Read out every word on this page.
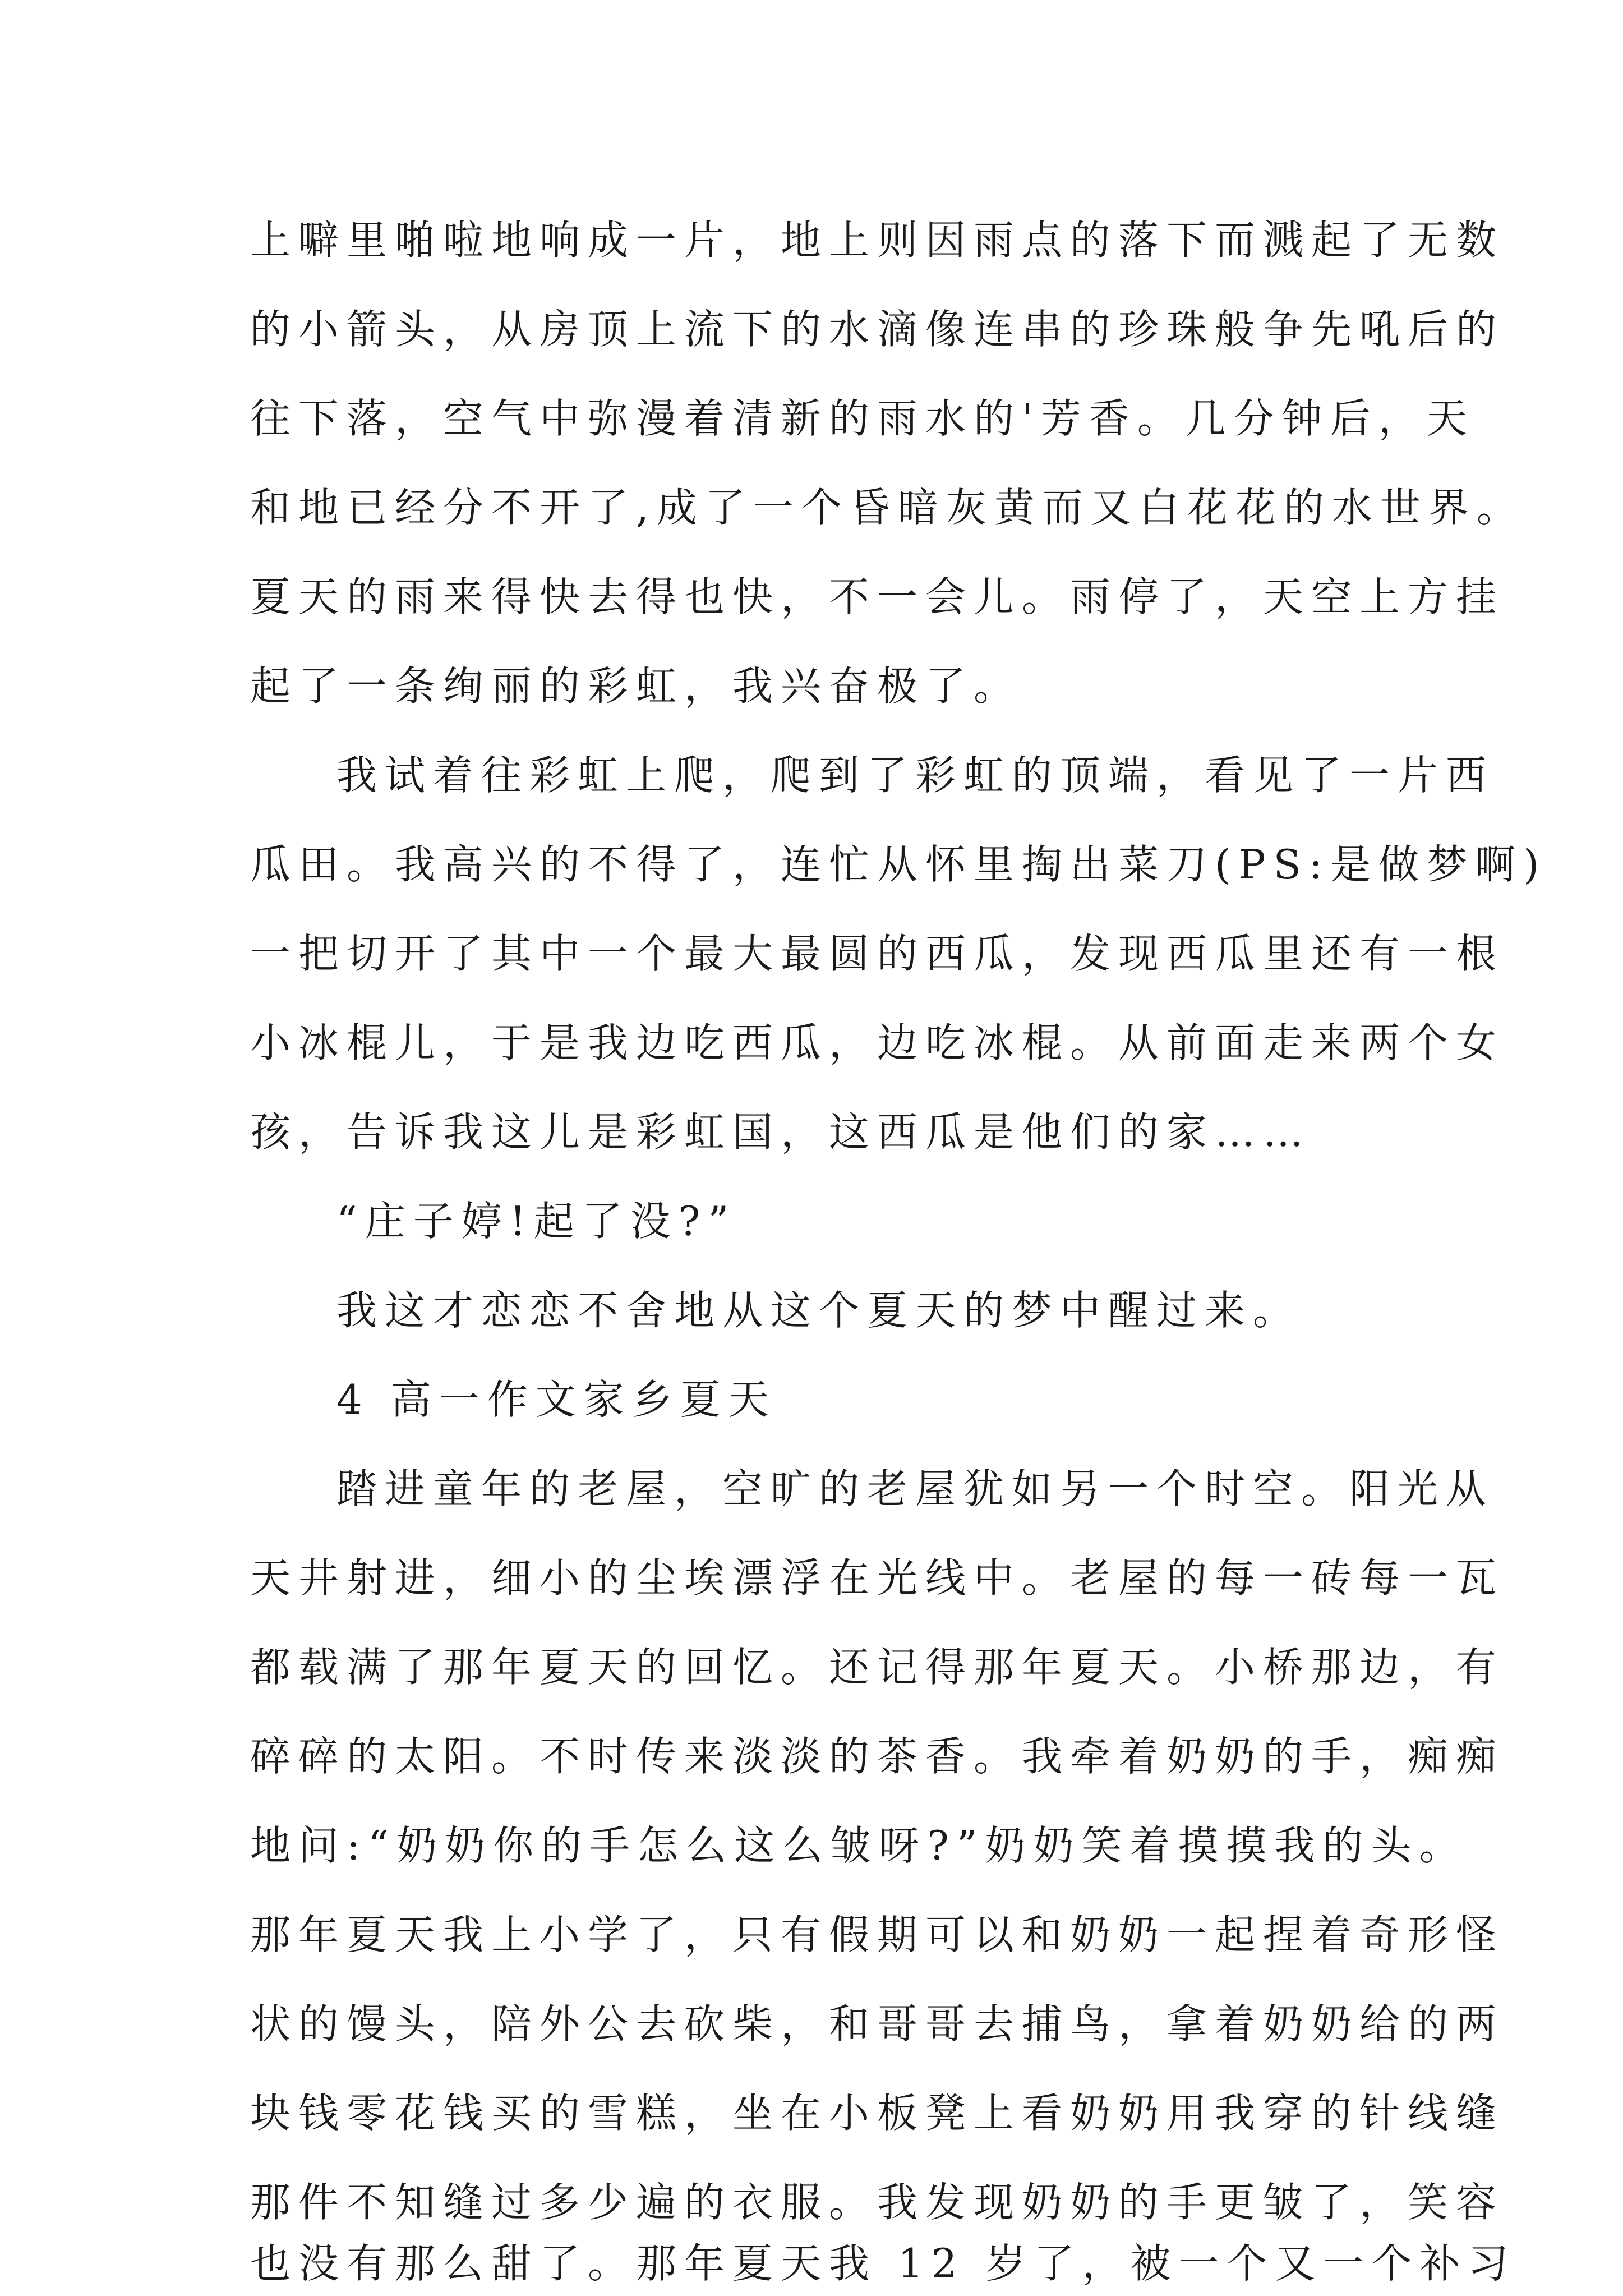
上噼里啪啦地响成一片，地上则因雨点的落下而溅起了无数

的小箭头，从房顶上流下的水滴像连串的珍珠般争先吼后的

往下落，空气中弥漫着清新的雨水的'芳香。几分钟后，天

和地已经分不开了,成了一个昏暗灰黄而又白花花的水世界。

夏天的雨来得快去得也快，不一会儿。雨停了，天空上方挂

起了一条绚丽的彩虹，我兴奋极了。

我试着往彩虹上爬，爬到了彩虹的顶端，看见了一片西

瓜田。我高兴的不得了，连忙从怀里掏出菜刀(PS:是做梦啊)

一把切开了其中一个最大最圆的西瓜，发现西瓜里还有一根

小冰棍儿，于是我边吃西瓜，边吃冰棍。从前面走来两个女

孩，告诉我这儿是彩虹国，这西瓜是他们的家……

“庄子婷!起了没?”

我这才恋恋不舍地从这个夏天的梦中醒过来。

4 高一作文家乡夏天

踏进童年的老屋，空旷的老屋犹如另一个时空。阳光从

天井射进，细小的尘埃漂浮在光线中。老屋的每一砖每一瓦

都载满了那年夏天的回忆。还记得那年夏天。小桥那边，有

碎碎的太阳。不时传来淡淡的茶香。我牵着奶奶的手，痴痴

地问:“奶奶你的手怎么这么皱呀?”奶奶笑着摸摸我的头。

那年夏天我上小学了，只有假期可以和奶奶一起捏着奇形怪

状的馒头，陪外公去砍柴，和哥哥去捕鸟，拿着奶奶给的两

块钱零花钱买的雪糕，坐在小板凳上看奶奶用我穿的针线缝

那件不知缝过多少遍的衣服。我发现奶奶的手更皱了，笑容

也没有那么甜了。那年夏天我 12 岁了，被一个又一个补习
